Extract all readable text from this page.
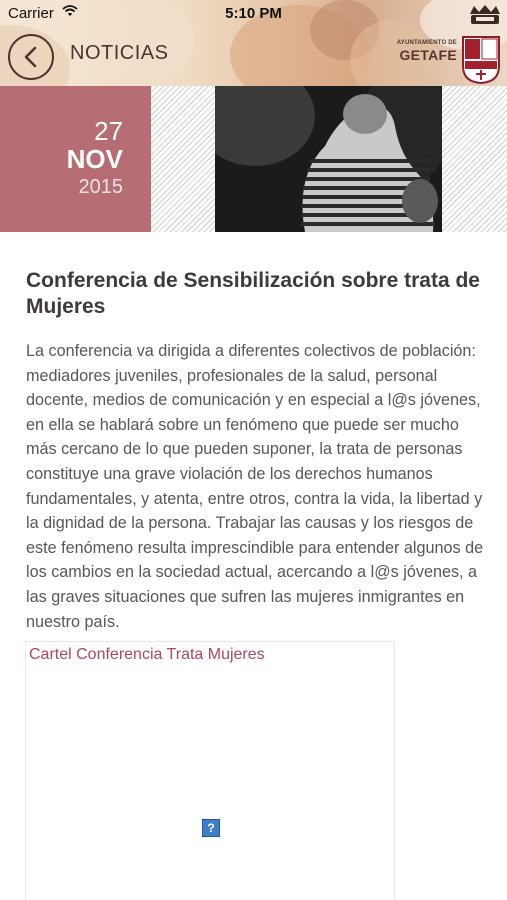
NOTICIAS	AYUNTAMIENTO DE
GETAFE
Carrier	5:10 PM
27
NOV
2015
Conferencia de Sensibilización sobre trata de Mujeres

La conferencia va dirigida a diferentes colectivos de población: mediadores juveniles, profesionales de la salud, personal docente, medios de comunicación y en especial a l@s jóvenes, en ella se hablará sobre un fenómeno que puede ser mucho más cercano de lo que pueden suponer, la trata de personas constituye una grave violación de los derechos humanos fundamentales, y atenta, entre otros, contra la vida, la libertad y la dignidad de la persona. Trabajar las causas y los riesgos de este fenómeno resulta imprescindible para entender algunos de los cambios en la sociedad actual, acercando a l@s jóvenes, a las graves situaciones que sufren las mujeres inmigrantes en nuestro país.

Cartel Conferencia Trata Mujeres
?
